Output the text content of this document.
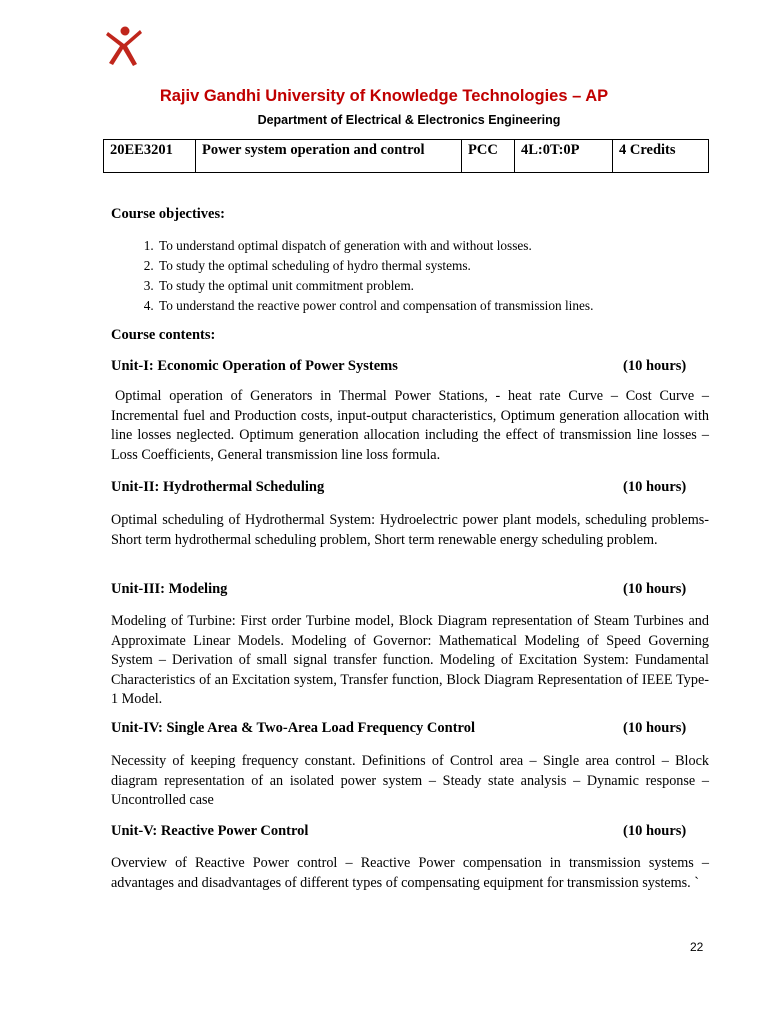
Rajiv Gandhi University of Knowledge Technologies – AP
Department of Electrical & Electronics Engineering
20EE3201	Power system operation and control	PCC	4L:0T:0P	4 Credits
Course objectives:
1. To understand optimal dispatch of generation with and without losses.
2. To study the optimal scheduling of hydro thermal systems.
3. To study the optimal unit commitment problem.
4. To understand the reactive power control and compensation of transmission lines.
Course contents:
Unit-I: Economic Operation of Power Systems	(10 hours)
Optimal operation of Generators in Thermal Power Stations, - heat rate Curve – Cost Curve – Incremental fuel and Production costs, input-output characteristics, Optimum generation allocation with line losses neglected. Optimum generation allocation including the effect of transmission line losses – Loss Coefficients, General transmission line loss formula.
Unit-II: Hydrothermal Scheduling	(10 hours)
Optimal scheduling of Hydrothermal System: Hydroelectric power plant models, scheduling problems-Short term hydrothermal scheduling problem, Short term renewable energy scheduling problem.
Unit-III: Modeling	(10 hours)
Modeling of Turbine: First order Turbine model, Block Diagram representation of Steam Turbines and Approximate Linear Models. Modeling of Governor: Mathematical Modeling of Speed Governing System – Derivation of small signal transfer function. Modeling of Excitation System: Fundamental Characteristics of an Excitation system, Transfer function, Block Diagram Representation of IEEE Type-1 Model.
Unit-IV: Single Area & Two-Area Load Frequency Control	(10 hours)
Necessity of keeping frequency constant. Definitions of Control area – Single area control – Block diagram representation of an isolated power system – Steady state analysis – Dynamic response – Uncontrolled case
Unit-V: Reactive Power Control	(10 hours)
Overview of Reactive Power control – Reactive Power compensation in transmission systems – advantages and disadvantages of different types of compensating equipment for transmission systems. `
22
